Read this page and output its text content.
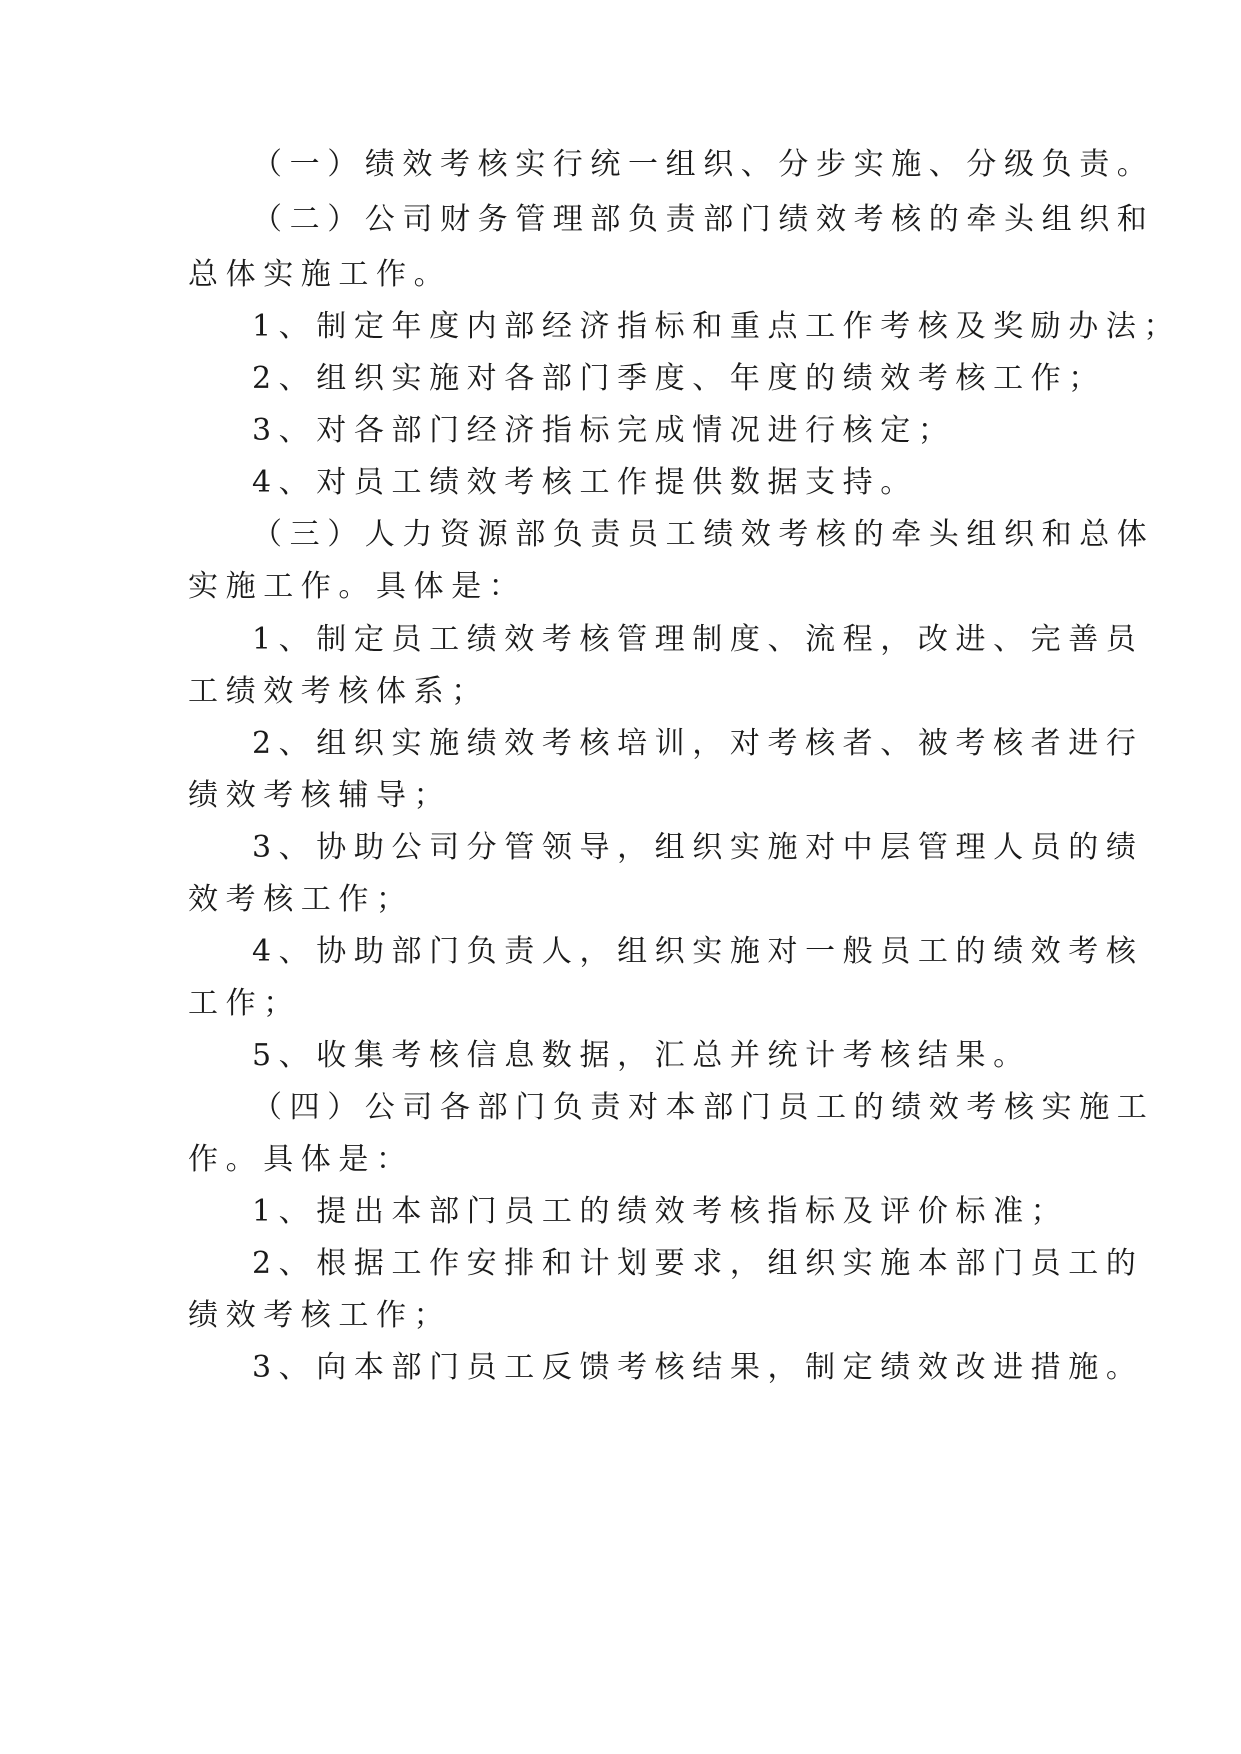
（一）绩效考核实行统一组织、分步实施、分级负责。
（二）公司财务管理部负责部门绩效考核的牵头组织和
总体实施工作。
1、制定年度内部经济指标和重点工作考核及奖励办法；
2、组织实施对各部门季度、年度的绩效考核工作；
3、对各部门经济指标完成情况进行核定；
4、对员工绩效考核工作提供数据支持。
（三）人力资源部负责员工绩效考核的牵头组织和总体
实施工作。具体是：
1、制定员工绩效考核管理制度、流程，改进、完善员
工绩效考核体系；
2、组织实施绩效考核培训，对考核者、被考核者进行
绩效考核辅导；
3、协助公司分管领导，组织实施对中层管理人员的绩
效考核工作；
4、协助部门负责人，组织实施对一般员工的绩效考核
工作；
5、收集考核信息数据，汇总并统计考核结果。
（四）公司各部门负责对本部门员工的绩效考核实施工
作。具体是：
1、提出本部门员工的绩效考核指标及评价标准；
2、根据工作安排和计划要求，组织实施本部门员工的
绩效考核工作；
3、向本部门员工反馈考核结果，制定绩效改进措施。
